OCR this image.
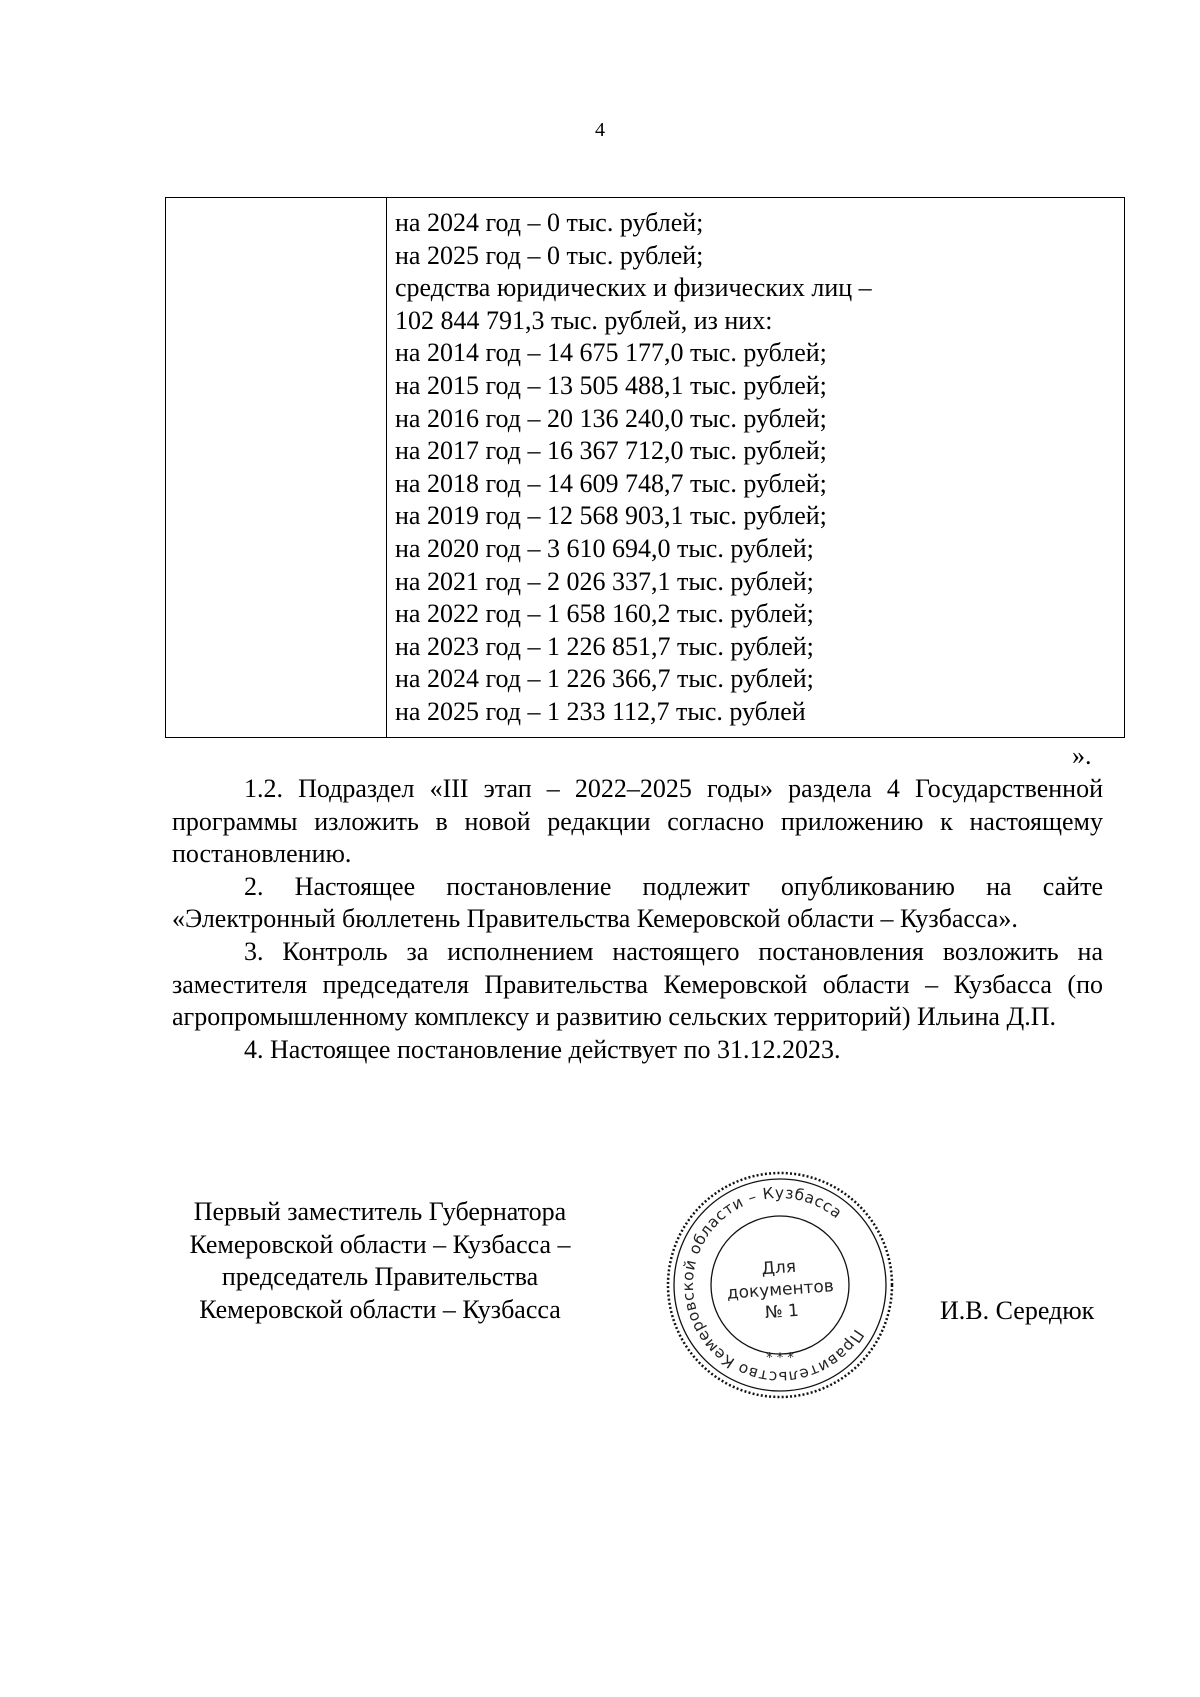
4

на 2024 год – 0 тыс. рублей;
на 2025 год – 0 тыс. рублей;
средства юридических и физических лиц –
102 844 791,3 тыс. рублей, из них:
на 2014 год – 14 675 177,0 тыс. рублей;
на 2015 год – 13 505 488,1 тыс. рублей;
на 2016 год – 20 136 240,0 тыс. рублей;
на 2017 год – 16 367 712,0 тыс. рублей;
на 2018 год – 14 609 748,7 тыс. рублей;
на 2019 год – 12 568 903,1 тыс. рублей;
на 2020 год – 3 610 694,0 тыс. рублей;
на 2021 год – 2 026 337,1 тыс. рублей;
на 2022 год – 1 658 160,2 тыс. рублей;
на 2023 год – 1 226 851,7 тыс. рублей;
на 2024 год – 1 226 366,7 тыс. рублей;
на 2025 год – 1 233 112,7 тыс. рублей
».

1.2. Подраздел «III этап – 2022–2025 годы» раздела 4 Государственной программы изложить в новой редакции согласно приложению к настоящему постановлению.

2. Настоящее постановление подлежит опубликованию на сайте «Электронный бюллетень Правительства Кемеровской области – Кузбасса».

3. Контроль за исполнением настоящего постановления возложить на заместителя председателя Правительства Кемеровской области – Кузбасса (по агропромышленному комплексу и развитию сельских территорий) Ильина Д.П.

4. Настоящее постановление действует по 31.12.2023.

Первый заместитель Губернатора
Кемеровской области – Кузбасса –
председатель Правительства
Кемеровской области – Кузбасса
Правительство Кемеровской области – Кузбасса
* * *
Для
документов
№ 1	И.В. Середюк
